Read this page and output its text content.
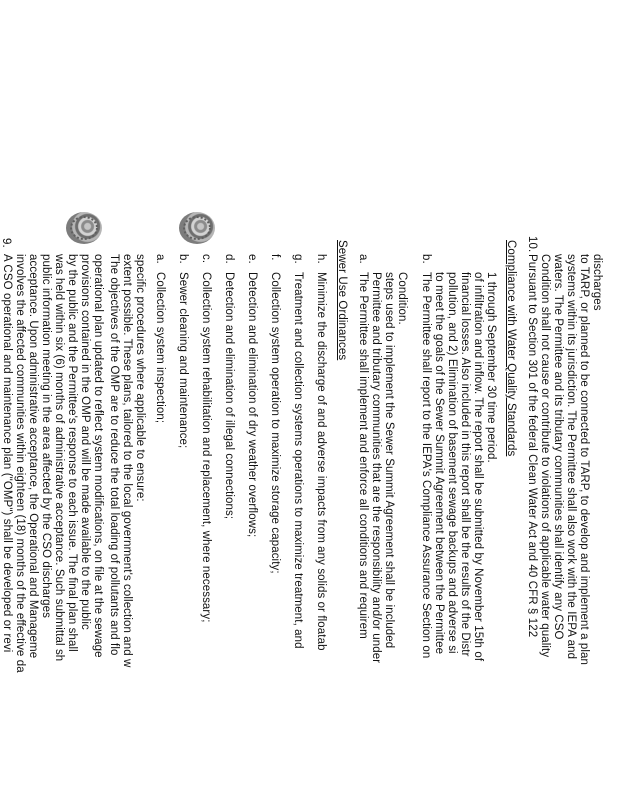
9.
A CSO operational and maintenance plan ("OMP") shall be developed or revi involves the affected communities within eighteen (18) months of the effective da acceptance. Upon administrative acceptance, the Operational and Manageme public information meeting in the area affected by the CSO discharges was held within six (6) months of administrative acceptance. Such submittal sh by the public and the Permittee's response to each issue. The final plan shall provisions contained in the OMP and will be made available to the public operational plan updated to reflect system modifications, on file at the sewage The objectives of the OMP are to reduce the total loading of pollutants and flo extent possible. These plans, tailored to the local government's collection and w specific procedures where applicable to ensure: a.
Collection system inspection;
b.
Sewer cleaning and maintenance;
c.
Collection system rehabilitation and replacement, where necessary;
d.
Detection and elimination of illegal connections;
e.
Detection and elimination of dry weather overflows;
f.
Collection system operation to maximize storage capacity;
g.
Treatment and collection systems operations to maximize treatment, and
h.
Minimize the discharge of and adverse impacts from any solids or floatab Sewer Use Ordinances a.
The Permittee shall implement and enforce all conditions and requirem Permittee and tributary communities that are the responsibility and/or under steps used to implement the Sewer Summit Agreement shall be included Condition.
b.
The Permittee shall report to the IEPA's Compliance Assurance Section on to meet the goals of the Sewer Summit Agreement between the Permittee pollution, and 2) Elimination of basement sewage backups and adverse si financial losses. Also included in this report shall be the results of the Distr of infiltration and inflow. The report shall be submitted by November 15th of 1 through September 30 time period. Compliance with Water Quality Standards 10.
Pursuant to Section 301 of the federal Clean Water Act and 40 CFR § 122 Condition shall not cause or contribute to violations of applicable water quality waters. The Permittee and its tributary communities shall identify any CSO systems within its jurisdiction. The Permittee shall also work with the IEPA and to TARP, or planned to be connected to TARP, to develop and implement a plan discharges
